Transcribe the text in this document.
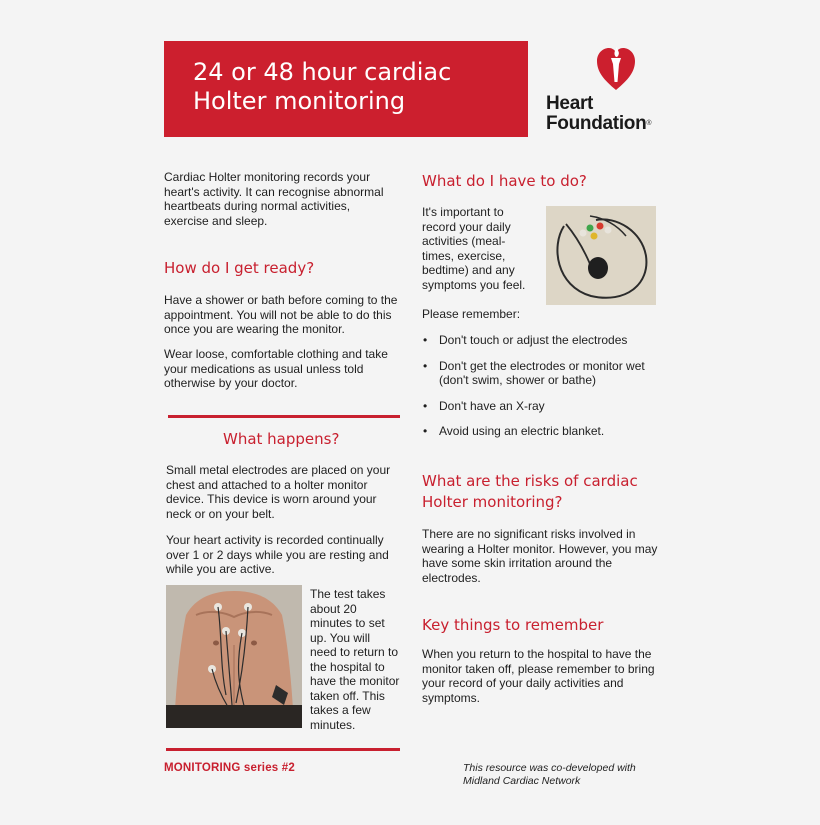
24 or 48 hour cardiac
Holter monitoring	Heart
Foundation®
Cardiac Holter monitoring records your heart's activity. It can recognise abnormal heartbeats during normal activities, exercise and sleep.
How do I get ready?
Have a shower or bath before coming to the appointment. You will not be able to do this once you are wearing the monitor.
Wear loose, comfortable clothing and take your medications as usual unless told otherwise by your doctor.
What happens?
Small metal electrodes are placed on your chest and attached to a holter monitor device. This device is worn around your neck or on your belt.
Your heart activity is recorded continually over 1 or 2 days while you are resting and while you are active.
The test takes about 20 minutes to set up. You will need to return to the hospital to have the monitor taken off. This takes a few minutes.
What do I have to do?
It's important to record your daily activities (meal-times, exercise, bedtime) and any symptoms you feel.
Please remember:
• Don't touch or adjust the electrodes
• Don't get the electrodes or monitor wet (don't swim, shower or bathe)
• Don't have an X-ray
• Avoid using an electric blanket.
What are the risks of cardiac
Holter monitoring?
There are no significant risks involved in wearing a Holter monitor. However, you may have some skin irritation around the electrodes.
Key things to remember
When you return to the hospital to have the monitor taken off, please remember to bring your record of your daily activities and symptoms.
MONITORING series #2	This resource was co-developed with
Midland Cardiac Network
